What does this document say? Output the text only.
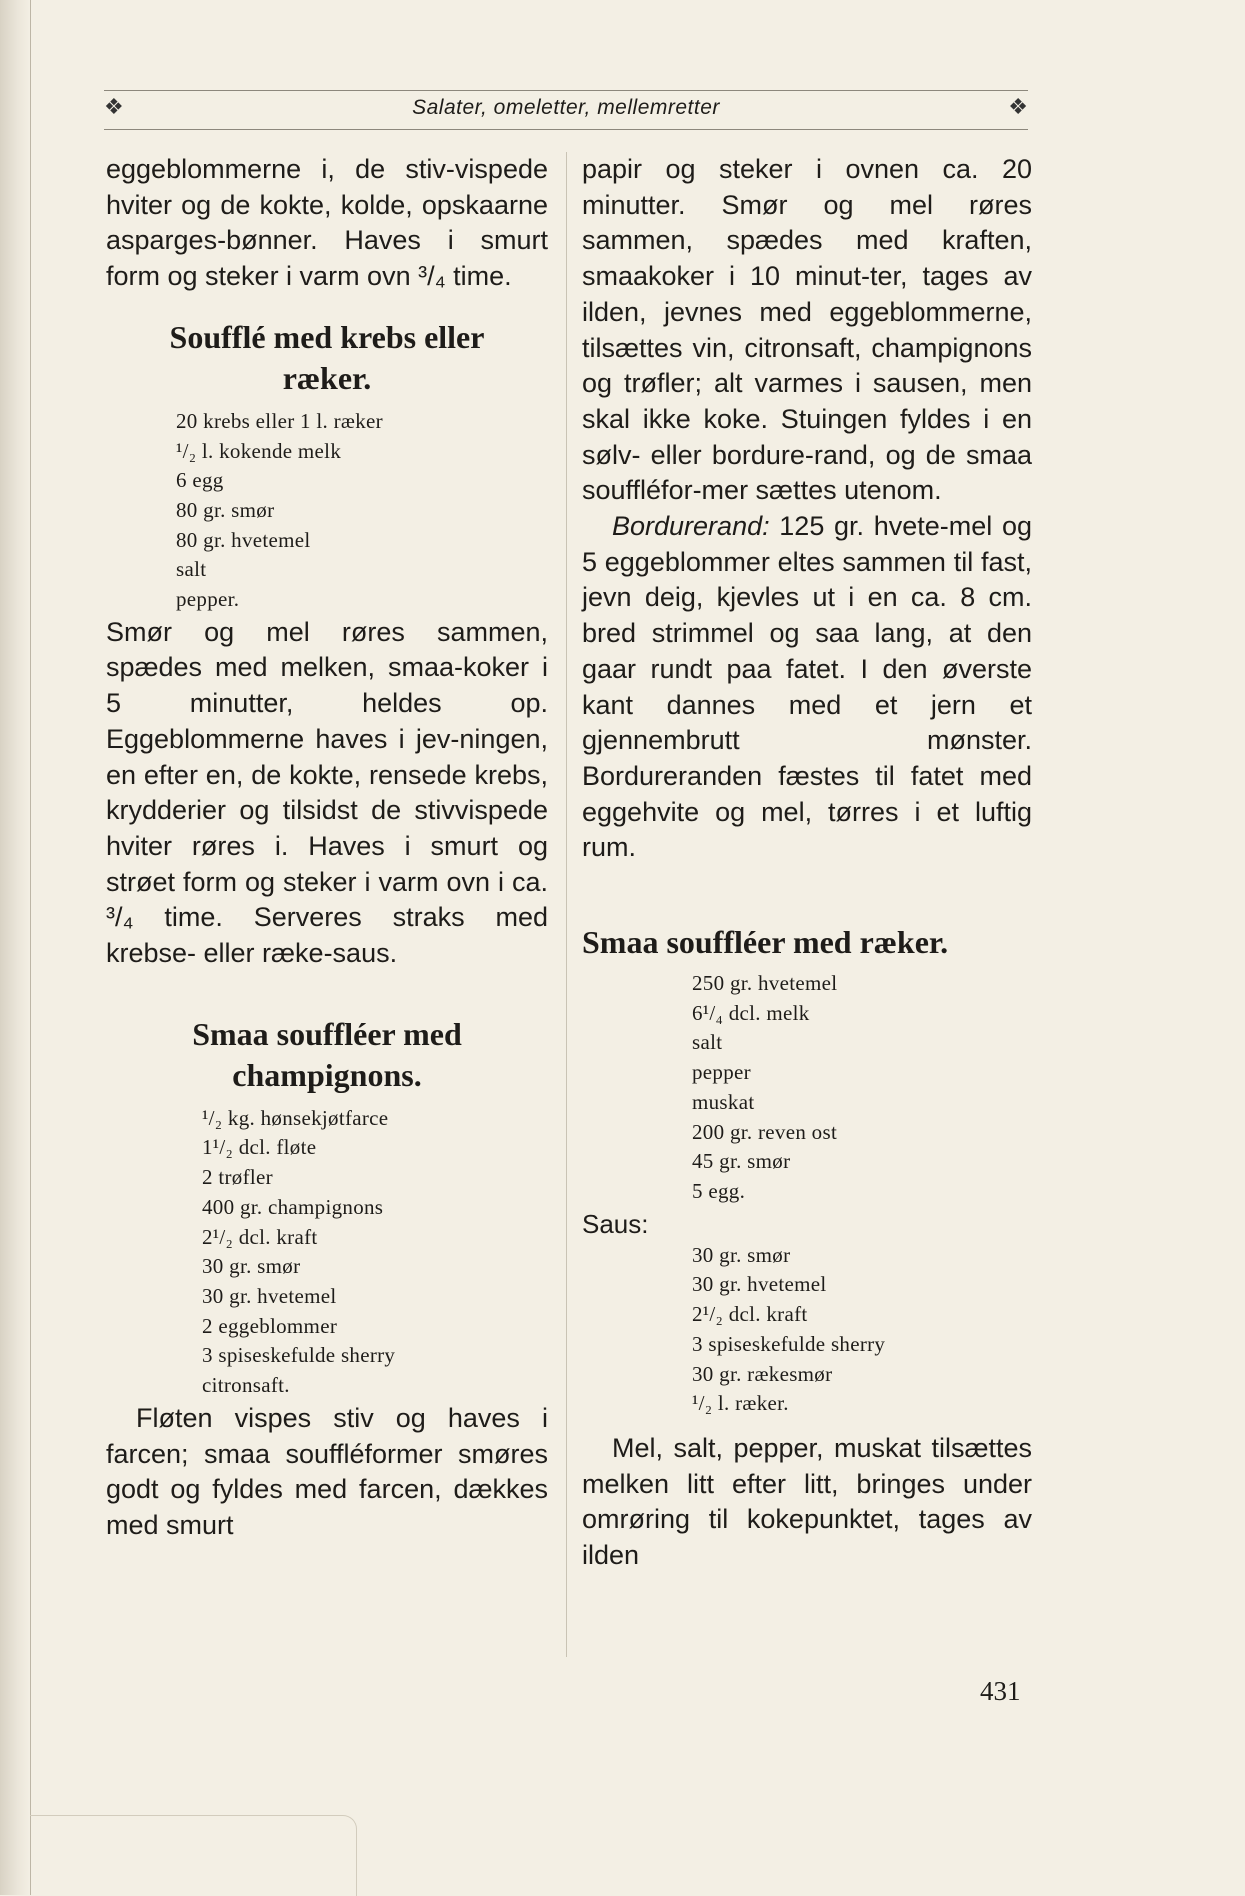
❖	Salater, omeletter, mellemretter	❖

eggeblommerne i, de stiv-vispede hviter og de kokte, kolde, opskaarne asparges-bønner. Haves i smurt form og steker i varm ovn ³/₄ time.

Soufflé med krebs eller ræker.
20 krebs eller 1 l. ræker
¹/₂ l. kokende melk
6 egg
80 gr. smør
80 gr. hvetemel
salt
pepper.

Smør og mel røres sammen, spædes med melken, smaa-koker i 5 minutter, heldes op. Eggeblommerne haves i jev-ningen, en efter en, de kokte, rensede krebs, krydderier og tilsidst de stivvispede hviter røres i. Haves i smurt og strøet form og steker i varm ovn i ca. ³/₄ time. Serveres straks med krebse- eller ræke-saus.

Smaa souffléer med champignons.
¹/₂ kg. hønsekjøtfarce
1¹/₂ dcl. fløte
2 trøfler
400 gr. champignons
2¹/₂ dcl. kraft
30 gr. smør
30 gr. hvetemel
2 eggeblommer
3 spiseskefulde sherry
citronsaft.

Fløten vispes stiv og haves i farcen; smaa souffléformer smøres godt og fyldes med farcen, dækkes med smurt

papir og steker i ovnen ca. 20 minutter. Smør og mel røres sammen, spædes med kraften, smaakoker i 10 minut-ter, tages av ilden, jevnes med eggeblommerne, tilsættes vin, citronsaft, champignons og trøfler; alt varmes i sausen, men skal ikke koke. Stuingen fyldes i en sølv- eller bordure-rand, og de smaa souffléfor-mer sættes utenom.

Bordurerand: 125 gr. hvete-mel og 5 eggeblommer eltes sammen til fast, jevn deig, kjevles ut i en ca. 8 cm. bred strimmel og saa lang, at den gaar rundt paa fatet. I den øverste kant dannes med et jern et gjennembrutt mønster. Bordureranden fæstes til fatet med eggehvite og mel, tørres i et luftig rum.

Smaa souffléer med ræker.
250 gr. hvetemel
6¹/₄ dcl. melk
salt
pepper
muskat
200 gr. reven ost
45 gr. smør
5 egg.

Saus:

30 gr. smør
30 gr. hvetemel
2¹/₂ dcl. kraft
3 spiseskefulde sherry
30 gr. rækesmør
¹/₂ l. ræker.

Mel, salt, pepper, muskat tilsættes melken litt efter litt, bringes under omrøring til kokepunktet, tages av ilden

431
